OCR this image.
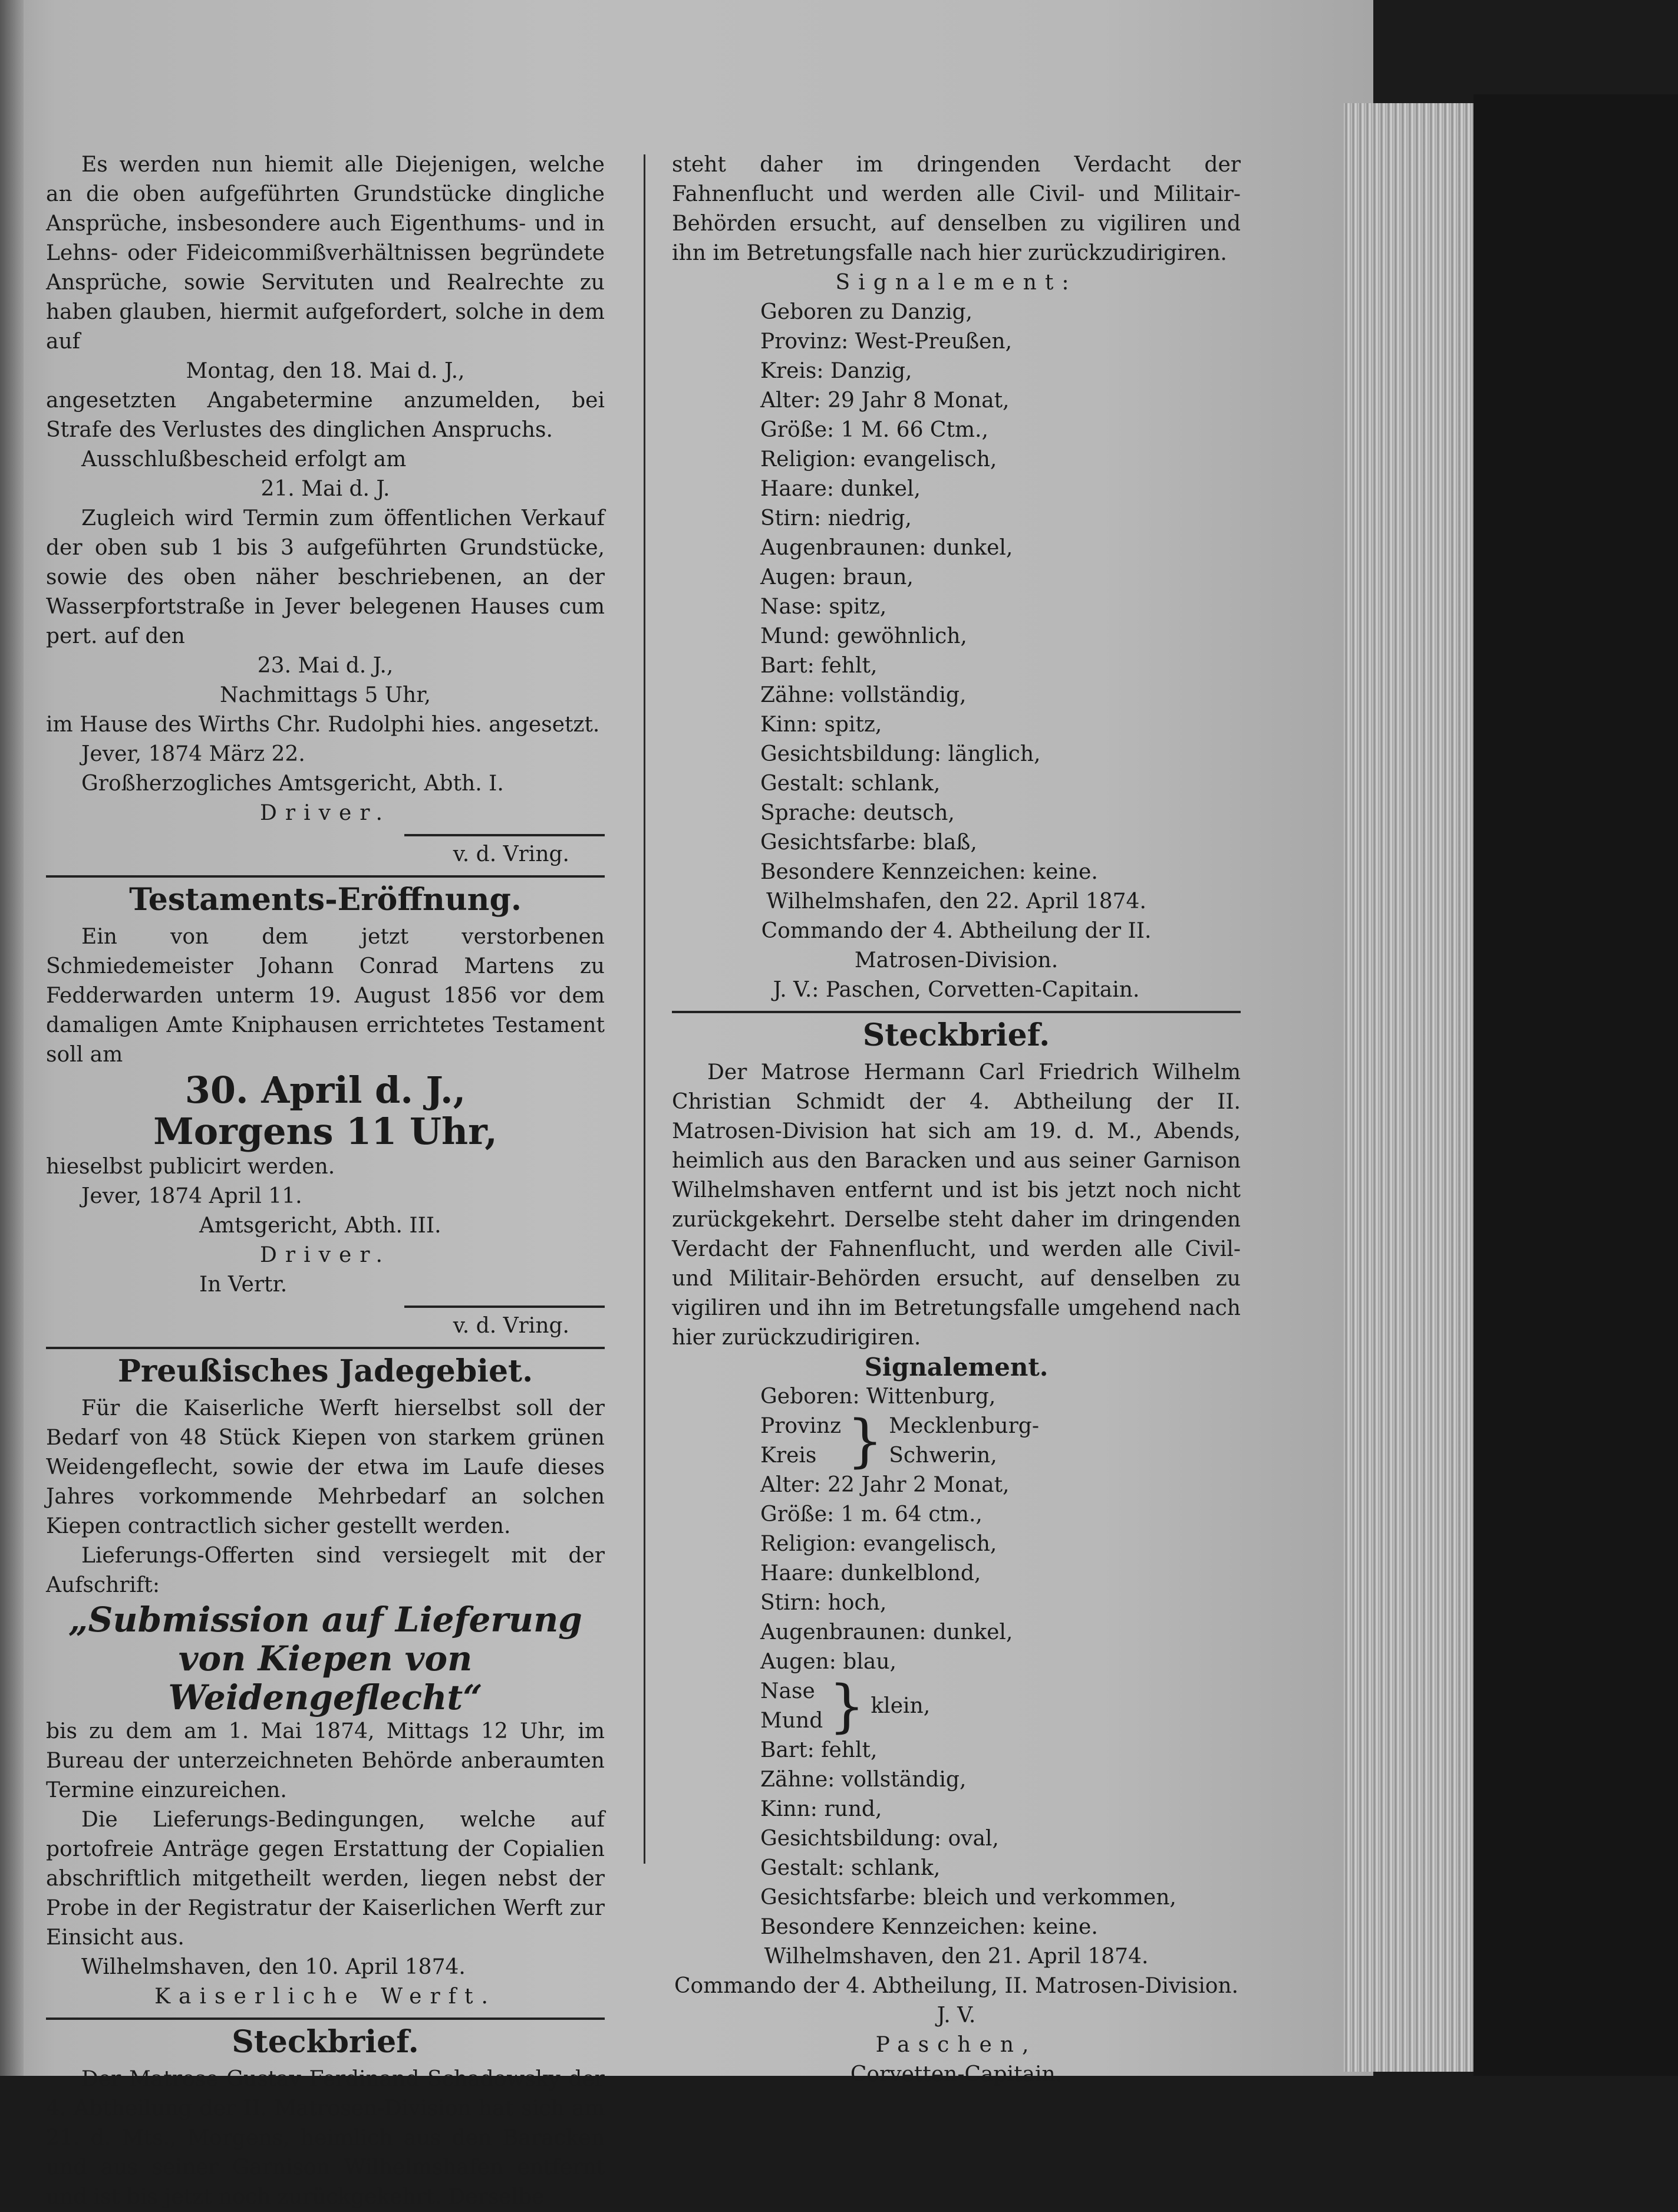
Es werden nun hiemit alle Diejenigen, welche an die oben aufgeführten Grundstücke dingliche Ansprüche, insbesondere auch Eigenthums- und in Lehns- oder Fideicommißverhältnissen begründete Ansprüche, sowie Servituten und Realrechte zu haben glauben, hiermit aufgefordert, solche in dem auf

Montag, den 18. Mai d. J.,

angesetzten Angabetermine anzumelden, bei Strafe des Verlustes des dinglichen Anspruchs.

Ausschlußbescheid erfolgt am

21. Mai d. J.

Zugleich wird Termin zum öffentlichen Verkauf der oben sub 1 bis 3 aufgeführten Grundstücke, sowie des oben näher beschriebenen, an der Wasserpfortstraße in Jever belegenen Hauses cum pert. auf den

23. Mai d. J.,

Nachmittags 5 Uhr,

im Hause des Wirths Chr. Rudolphi hies. angesetzt.

Jever, 1874 März 22.

Großherzogliches Amtsgericht, Abth. I.

Driver.

v. d. Vring.

Testaments-Eröffnung.

Ein von dem jetzt verstorbenen Schmiedemeister Johann Conrad Martens zu Fedderwarden unterm 19. August 1856 vor dem damaligen Amte Kniphausen errichtetes Testament soll am

30. April d. J.,
Morgens 11 Uhr,

hieselbst publicirt werden.

Jever, 1874 April 11.

Amtsgericht, Abth. III.

Driver.

In Vertr.

v. d. Vring.

Preußisches Jadegebiet.

Für die Kaiserliche Werft hierselbst soll der Bedarf von 48 Stück Kiepen von starkem grünen Weidengeflecht, sowie der etwa im Laufe dieses Jahres vorkommende Mehrbedarf an solchen Kiepen contractlich sicher gestellt werden.

Lieferungs-Offerten sind versiegelt mit der Aufschrift:

„Submission auf Lieferung von Kiepen von Weidengeflecht“

bis zu dem am 1. Mai 1874, Mittags 12 Uhr, im Bureau der unterzeichneten Behörde anberaumten Termine einzureichen.

Die Lieferungs-Bedingungen, welche auf portofreie Anträge gegen Erstattung der Copialien abschriftlich mitgetheilt werden, liegen nebst der Probe in der Registratur der Kaiserlichen Werft zur Einsicht aus.

Wilhelmshaven, den 10. April 1874.

Kaiserliche Werft.

Steckbrief.

Der Matrose Gustav Ferdinand Schadowsky der 4. Abtheilung der II. Matrosen-Division hat sich am 21. d. Mts., Morgens, heimlich aus den Baracken und aus seiner Garnison Wilhelmshafen entfernt und ist bis jetzt noch zurückgekehrt. Derselbe

steht daher im dringenden Verdacht der Fahnenflucht und werden alle Civil- und Militair-Behörden ersucht, auf denselben zu vigiliren und ihn im Betretungsfalle nach hier zurückzudirigiren.

Signalement:

Geboren zu Danzig,

Provinz: West-Preußen,

Kreis: Danzig,

Alter: 29 Jahr 8 Monat,

Größe: 1 M. 66 Ctm.,

Religion: evangelisch,

Haare: dunkel,

Stirn: niedrig,

Augenbraunen: dunkel,

Augen: braun,

Nase: spitz,

Mund: gewöhnlich,

Bart: fehlt,

Zähne: vollständig,

Kinn: spitz,

Gesichtsbildung: länglich,

Gestalt: schlank,

Sprache: deutsch,

Gesichtsfarbe: blaß,

Besondere Kennzeichen: keine.

Wilhelmshafen, den 22. April 1874.

Commando der 4. Abtheilung der II.

Matrosen-Division.

J. V.: Paschen, Corvetten-Capitain.

Steckbrief.

Der Matrose Hermann Carl Friedrich Wilhelm Christian Schmidt der 4. Abtheilung der II. Matrosen-Division hat sich am 19. d. M., Abends, heimlich aus den Baracken und aus seiner Garnison Wilhelmshaven entfernt und ist bis jetzt noch nicht zurückgekehrt. Derselbe steht daher im dringenden Verdacht der Fahnenflucht, und werden alle Civil- und Militair-Behörden ersucht, auf denselben zu vigiliren und ihn im Betretungsfalle umgehend nach hier zurückzudirigiren.

Signalement.

Geboren: Wittenburg,

Provinz
Kreis } Mecklenburg-
Schwerin,

Alter: 22 Jahr 2 Monat,

Größe: 1 m. 64 ctm.,

Religion: evangelisch,

Haare: dunkelblond,

Stirn: hoch,

Augenbraunen: dunkel,

Augen: blau,

Nase
Mund } klein,

Bart: fehlt,

Zähne: vollständig,

Kinn: rund,

Gesichtsbildung: oval,

Gestalt: schlank,

Gesichtsfarbe: bleich und verkommen,

Besondere Kennzeichen: keine.

Wilhelmshaven, den 21. April 1874.

Commando der 4. Abtheilung, II. Matrosen-Division.

J. V.

Paschen,

Corvetten-Capitain.
